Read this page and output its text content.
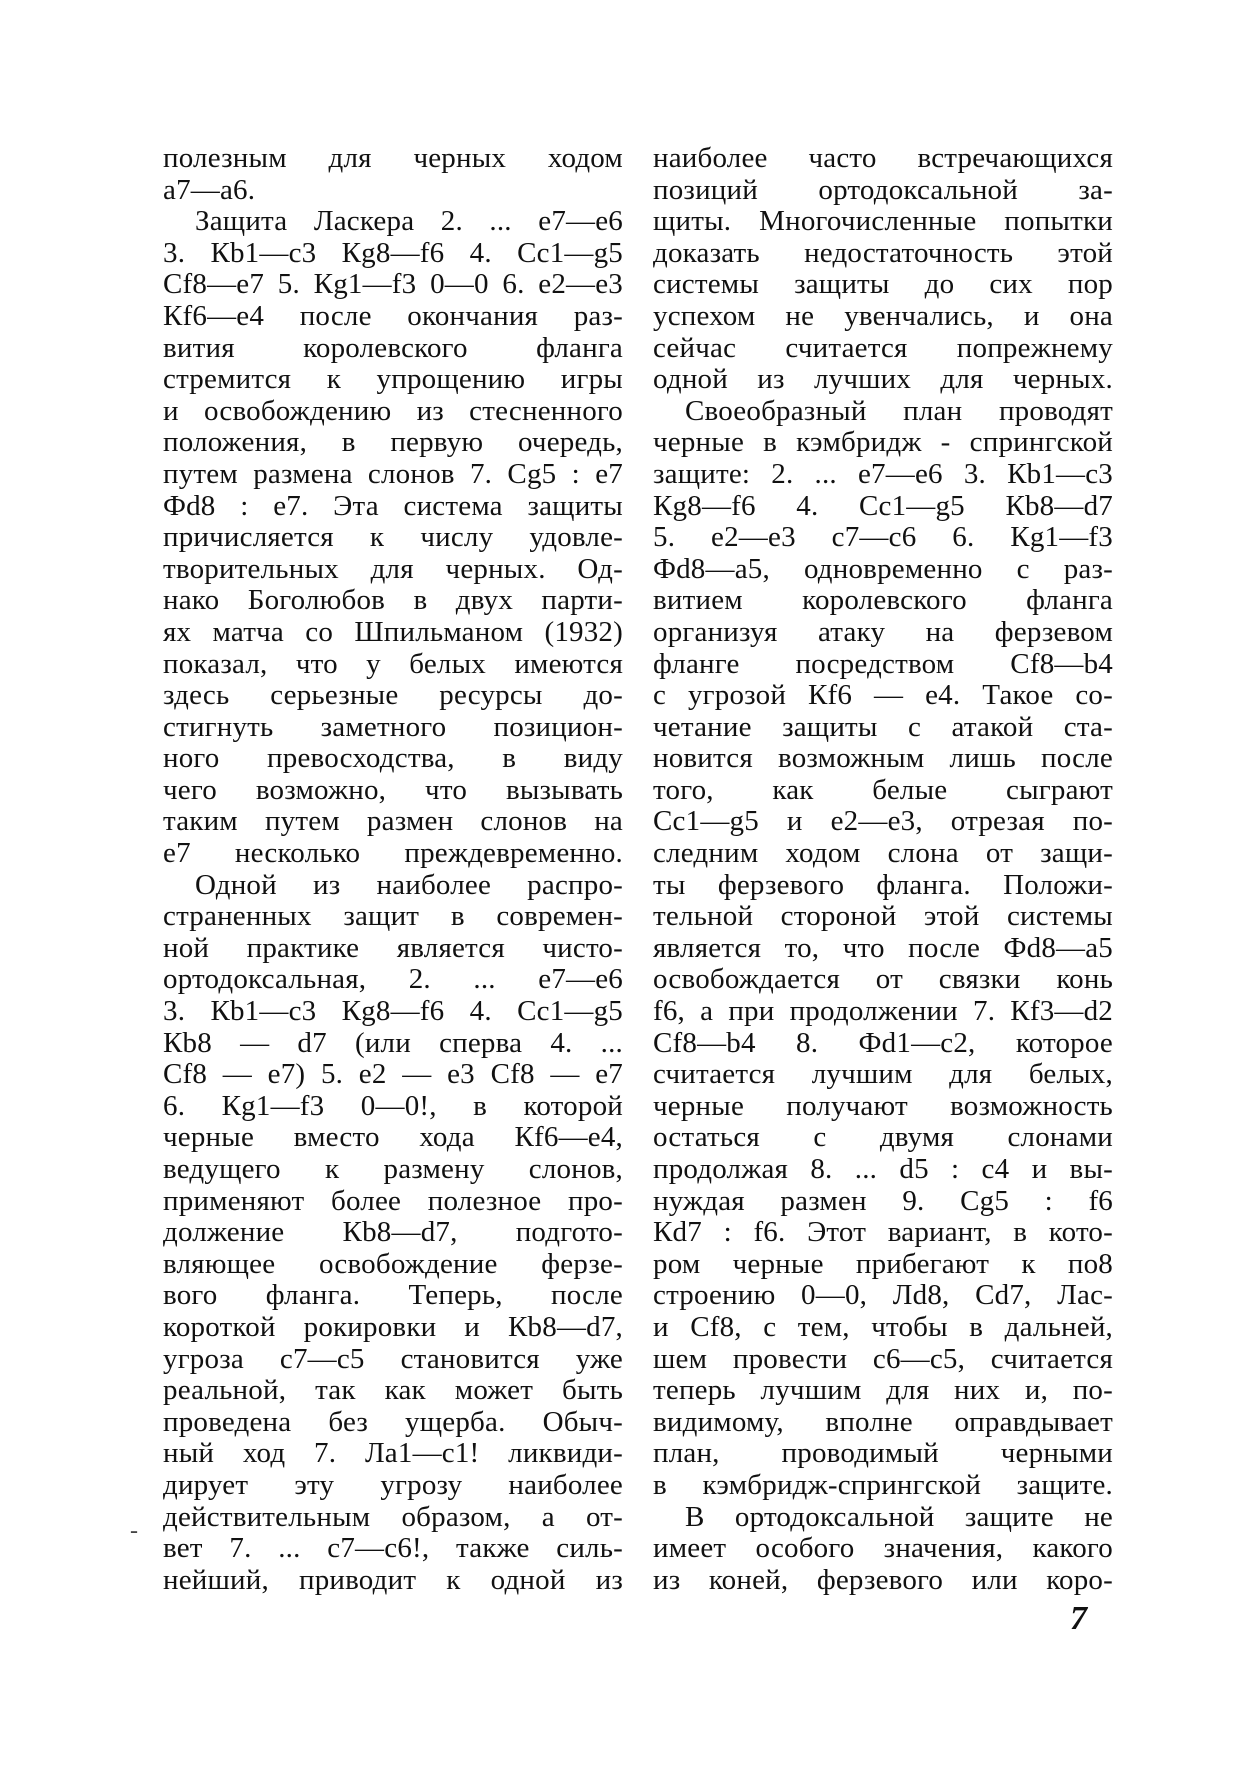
полезным для черных ходом
a7—a6.
Защита Ласкера 2. ... e7—e6
3. Кb1—c3 Кg8—f6 4. Cc1—g5
Cf8—e7 5. Кg1—f3 0—0 6. e2—e3
Кf6—e4 после окончания раз-
вития королевского фланга
стремится к упрощению игры
и освобождению из стесненного
положения, в первую очередь,
путем размена слонов 7. Cg5 : e7
Фd8 : e7. Эта система защиты
причисляется к числу удовле-
творительных для черных. Од-
нако Боголюбов в двух парти-
ях матча со Шпильманом (1932)
показал, что у белых имеются
здесь серьезные ресурсы до-
стигнуть заметного позицион-
ного превосходства, в виду
чего возможно, что вызывать
таким путем размен слонов на
e7 несколько преждевременно.
Одной из наиболее распро-
страненных защит в современ-
ной практике является чисто-
ортодоксальная, 2. ... e7—e6
3. Кb1—c3 Кg8—f6 4. Cc1—g5
Кb8 — d7 (или сперва 4. ...
Cf8 — e7) 5. e2 — e3 Cf8 — e7
6. Кg1—f3 0—0!, в которой
черные вместо хода Кf6—e4,
ведущего к размену слонов,
применяют более полезное про-
должение Кb8—d7, подгото-
вляющее освобождение ферзе-
вого фланга. Теперь, после
короткой рокировки и Кb8—d7,
угроза c7—c5 становится уже
реальной, так как может быть
проведена без ущерба. Обыч-
ный ход 7. Лa1—c1! ликвиди-
дирует эту угрозу наиболее
действительным образом, а от-
вет 7. ... c7—c6!, также силь-
нейший, приводит к одной из
наиболее часто встречающихся
позиций ортодоксальной за-
щиты. Многочисленные попытки
доказать недостаточность этой
системы защиты до сих пор
успехом не увенчались, и она
сейчас считается попрежнему
одной из лучших для черных.
Своеобразный план проводят
черные в кэмбридж - спрингской
защите: 2. ... e7—e6 3. Кb1—c3
Кg8—f6 4. Cc1—g5 Кb8—d7
5. e2—e3 c7—c6 6. Кg1—f3
Фd8—a5, одновременно с раз-
витием королевского фланга
организуя атаку на ферзевом
фланге посредством Cf8—b4
с угрозой Кf6 — e4. Такое со-
четание защиты с атакой ста-
новится возможным лишь после
того, как белые сыграют
Cc1—g5 и e2—e3, отрезая по-
следним ходом слона от защи-
ты ферзевого фланга. Положи-
тельной стороной этой системы
является то, что после Фd8—a5
освобождается от связки конь
f6, а при продолжении 7. Кf3—d2
Cf8—b4 8. Фd1—c2, которое
считается лучшим для белых,
черные получают возможность
остаться с двумя слонами
продолжая 8. ... d5 : c4 и вы-
нуждая размен 9. Cg5 : f6
Кd7 : f6. Этот вариант, в кото-
ром черные прибегают к по8
строению 0—0, Лd8, Cd7, Лас-
и Cf8, с тем, чтобы в дальней,
шем провести c6—c5, считается
теперь лучшим для них и, по-
видимому, вполне оправдывает
план, проводимый черными
в кэмбридж-спрингской защите.
В ортодоксальной защите не
имеет особого значения, какого
из коней, ферзевого или коро-
-
7
